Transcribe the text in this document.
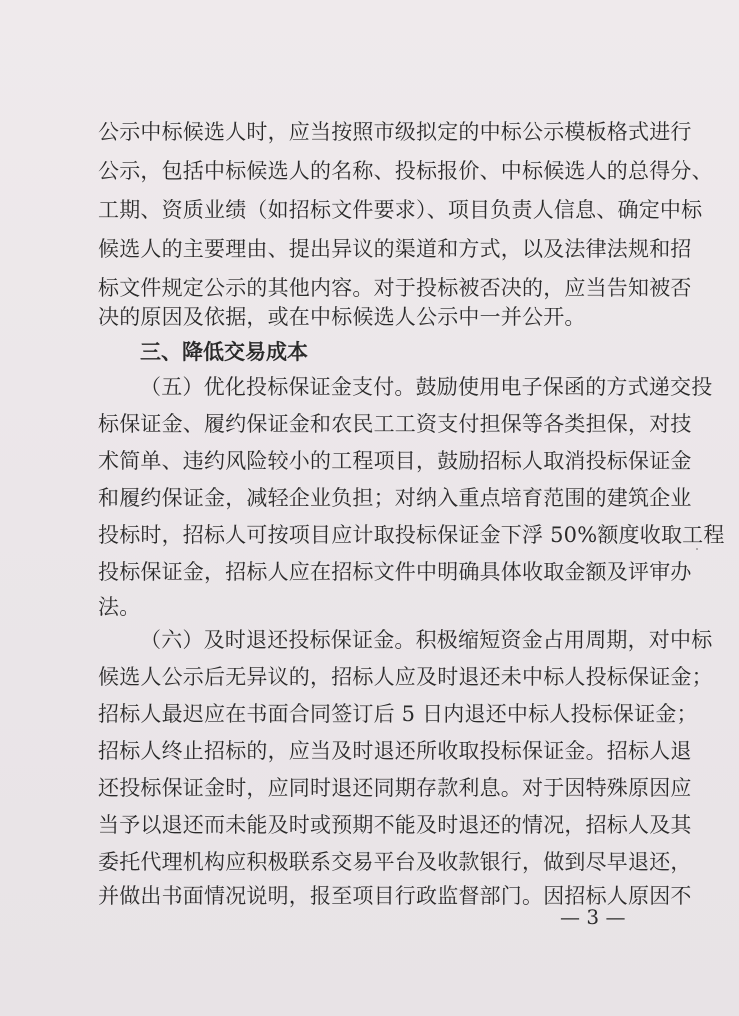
公示中标候选人时，应当按照市级拟定的中标公示模板格式进行
公示，包括中标候选人的名称、投标报价、中标候选人的总得分、
工期、资质业绩（如招标文件要求）、项目负责人信息、确定中标
候选人的主要理由、提出异议的渠道和方式，以及法律法规和招
标文件规定公示的其他内容。对于投标被否决的，应当告知被否
决的原因及依据，或在中标候选人公示中一并公开。
三、降低交易成本
（五）优化投标保证金支付。鼓励使用电子保函的方式递交投
标保证金、履约保证金和农民工工资支付担保等各类担保，对技
术简单、违约风险较小的工程项目，鼓励招标人取消投标保证金
和履约保证金，减轻企业负担；对纳入重点培育范围的建筑企业
投标时，招标人可按项目应计取投标保证金下浮 50%额度收取工程
投标保证金，招标人应在招标文件中明确具体收取金额及评审办
法。
（六）及时退还投标保证金。积极缩短资金占用周期，对中标
候选人公示后无异议的，招标人应及时退还未中标人投标保证金；
招标人最迟应在书面合同签订后 5 日内退还中标人投标保证金；
招标人终止招标的，应当及时退还所收取投标保证金。招标人退
还投标保证金时，应同时退还同期存款利息。对于因特殊原因应
当予以退还而未能及时或预期不能及时退还的情况，招标人及其
委托代理机构应积极联系交易平台及收款银行，做到尽早退还，
并做出书面情况说明，报至项目行政监督部门。因招标人原因不
— 3 —
